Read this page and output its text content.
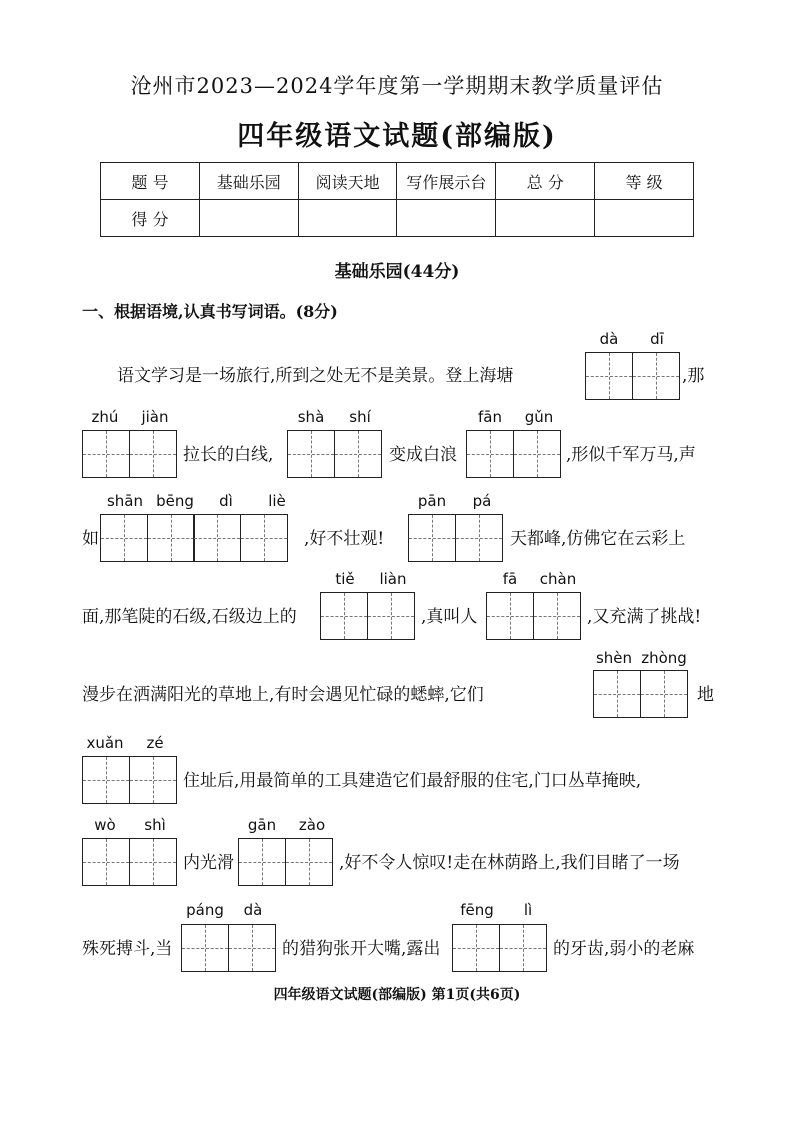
沧州市2023—2024学年度第一学期期末教学质量评估
四年级语文试题(部编版)
题 号	基础乐园	阅读天地	写作展示台	总 分	等 级
得 分					
基础乐园(44分)
一、根据语境,认真书写词语。(8分)
语文学习是一场旅行,所到之处无不是美景。登上海塘
dà dī
,那
zhú jiàn
拉长的白线,
shà shí
变成白浪
fān gǔn
,形似千军万马,声
如
shān bēng dì liè
,好不壮观!
pān pá
天都峰,仿佛它在云彩上
面,那笔陡的石级,石级边上的
tiě liàn
,真叫人
fā chàn
,又充满了挑战!
漫步在洒满阳光的草地上,有时会遇见忙碌的蟋蟀,它们
shèn zhòng
地
xuǎn zé
住址后,用最简单的工具建造它们最舒服的住宅,门口丛草掩映,
wò shì
内光滑
gān zào
,好不令人惊叹!走在林荫路上,我们目睹了一场
殊死搏斗,当
páng dà
的猎狗张开大嘴,露出
fēng lì
的牙齿,弱小的老麻
四年级语文试题(部编版) 第1页(共6页)
